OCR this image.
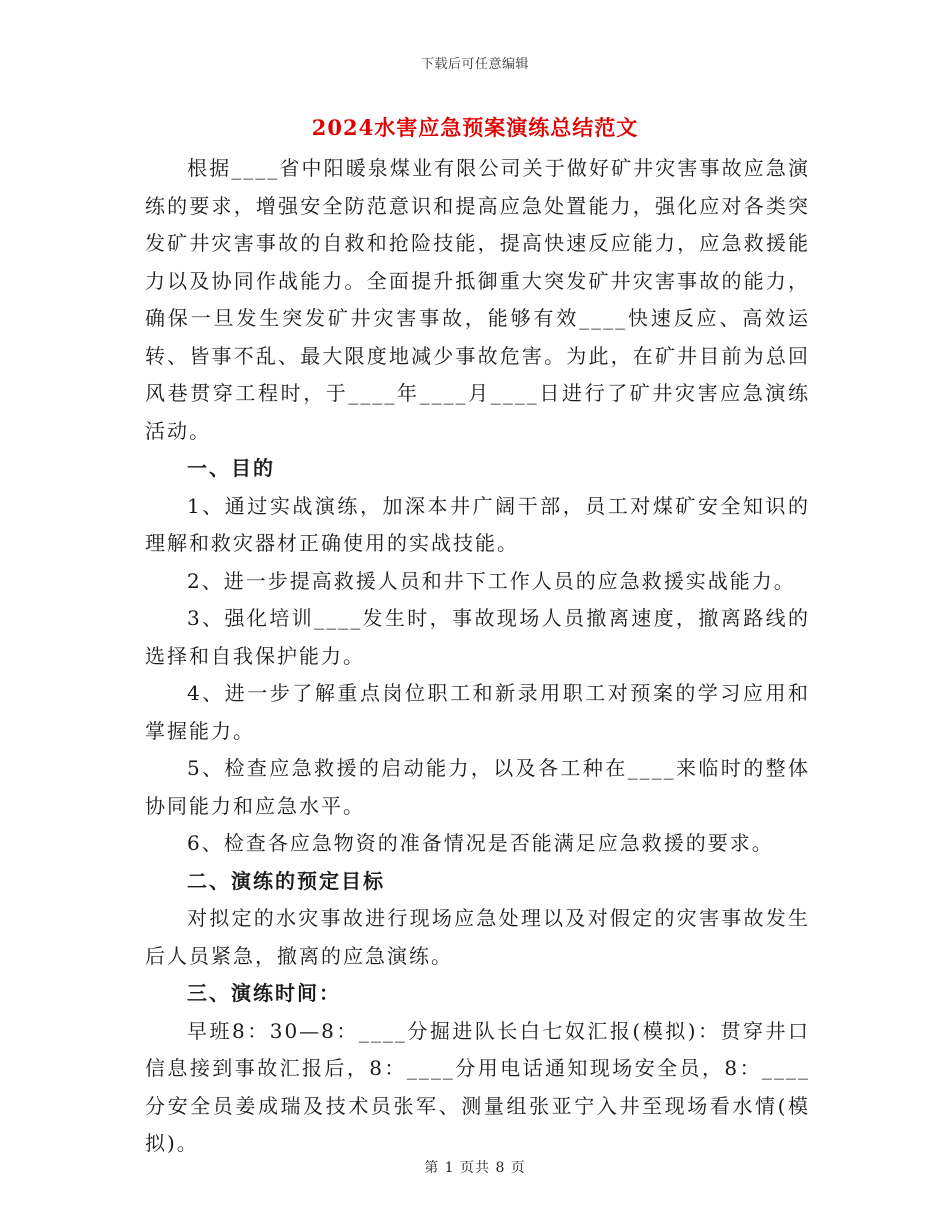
下载后可任意编辑
2024水害应急预案演练总结范文

根据____省中阳暖泉煤业有限公司关于做好矿井灾害事故应急演练的要求，增强安全防范意识和提高应急处置能力，强化应对各类突发矿井灾害事故的自救和抢险技能，提高快速反应能力，应急救援能力以及协同作战能力。全面提升抵御重大突发矿井灾害事故的能力，确保一旦发生突发矿井灾害事故，能够有效____快速反应、高效运转、皆事不乱、最大限度地减少事故危害。为此，在矿井目前为总回风巷贯穿工程时，于____年____月____日进行了矿井灾害应急演练活动。

一、目的

1、通过实战演练，加深本井广阔干部，员工对煤矿安全知识的理解和救灾器材正确使用的实战技能。

2、进一步提高救援人员和井下工作人员的应急救援实战能力。

3、强化培训____发生时，事故现场人员撤离速度，撤离路线的选择和自我保护能力。

4、进一步了解重点岗位职工和新录用职工对预案的学习应用和掌握能力。

5、检查应急救援的启动能力，以及各工种在____来临时的整体协同能力和应急水平。

6、检查各应急物资的准备情况是否能满足应急救援的要求。

二、演练的预定目标

对拟定的水灾事故进行现场应急处理以及对假定的灾害事故发生后人员紧急，撤离的应急演练。

三、演练时间：

早班8：30—8：____分掘进队长白七奴汇报(模拟)：贯穿井口信息接到事故汇报后，8：____分用电话通知现场安全员，8：____分安全员姜成瑞及技术员张军、测量组张亚宁入井至现场看水情(模拟)。

第 1 页共 8 页
